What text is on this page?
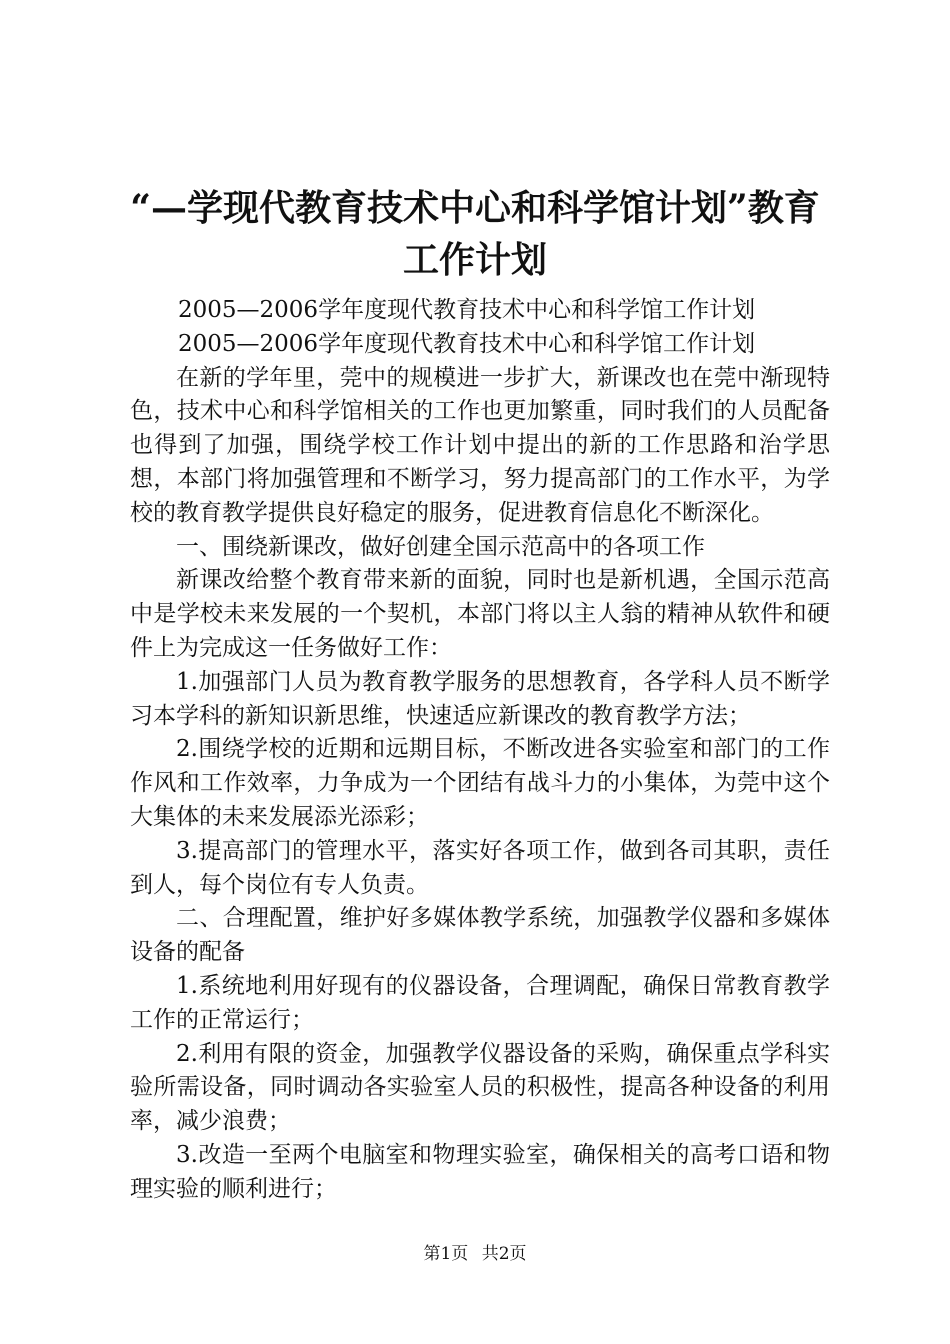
“—学现代教育技术中心和科学馆计划”教育
工作计划

2005—2006学年度现代教育技术中心和科学馆工作计划

2005—2006学年度现代教育技术中心和科学馆工作计划

在新的学年里，莞中的规模进一步扩大，新课改也在莞中渐现特色，技术中心和科学馆相关的工作也更加繁重，同时我们的人员配备也得到了加强，围绕学校工作计划中提出的新的工作思路和治学思想，本部门将加强管理和不断学习，努力提高部门的工作水平，为学校的教育教学提供良好稳定的服务，促进教育信息化不断深化。

一、围绕新课改，做好创建全国示范高中的各项工作

新课改给整个教育带来新的面貌，同时也是新机遇，全国示范高中是学校未来发展的一个契机，本部门将以主人翁的精神从软件和硬件上为完成这一任务做好工作：

1.加强部门人员为教育教学服务的思想教育，各学科人员不断学习本学科的新知识新思维，快速适应新课改的教育教学方法；

2.围绕学校的近期和远期目标，不断改进各实验室和部门的工作作风和工作效率，力争成为一个团结有战斗力的小集体，为莞中这个大集体的未来发展添光添彩；

3.提高部门的管理水平，落实好各项工作，做到各司其职，责任到人，每个岗位有专人负责。

二、合理配置，维护好多媒体教学系统，加强教学仪器和多媒体设备的配备

1.系统地利用好现有的仪器设备，合理调配，确保日常教育教学工作的正常运行；

2.利用有限的资金，加强教学仪器设备的采购，确保重点学科实验所需设备，同时调动各实验室人员的积极性，提高各种设备的利用率，减少浪费；

3.改造一至两个电脑室和物理实验室，确保相关的高考口语和物理实验的顺利进行；

第1页 共2页
